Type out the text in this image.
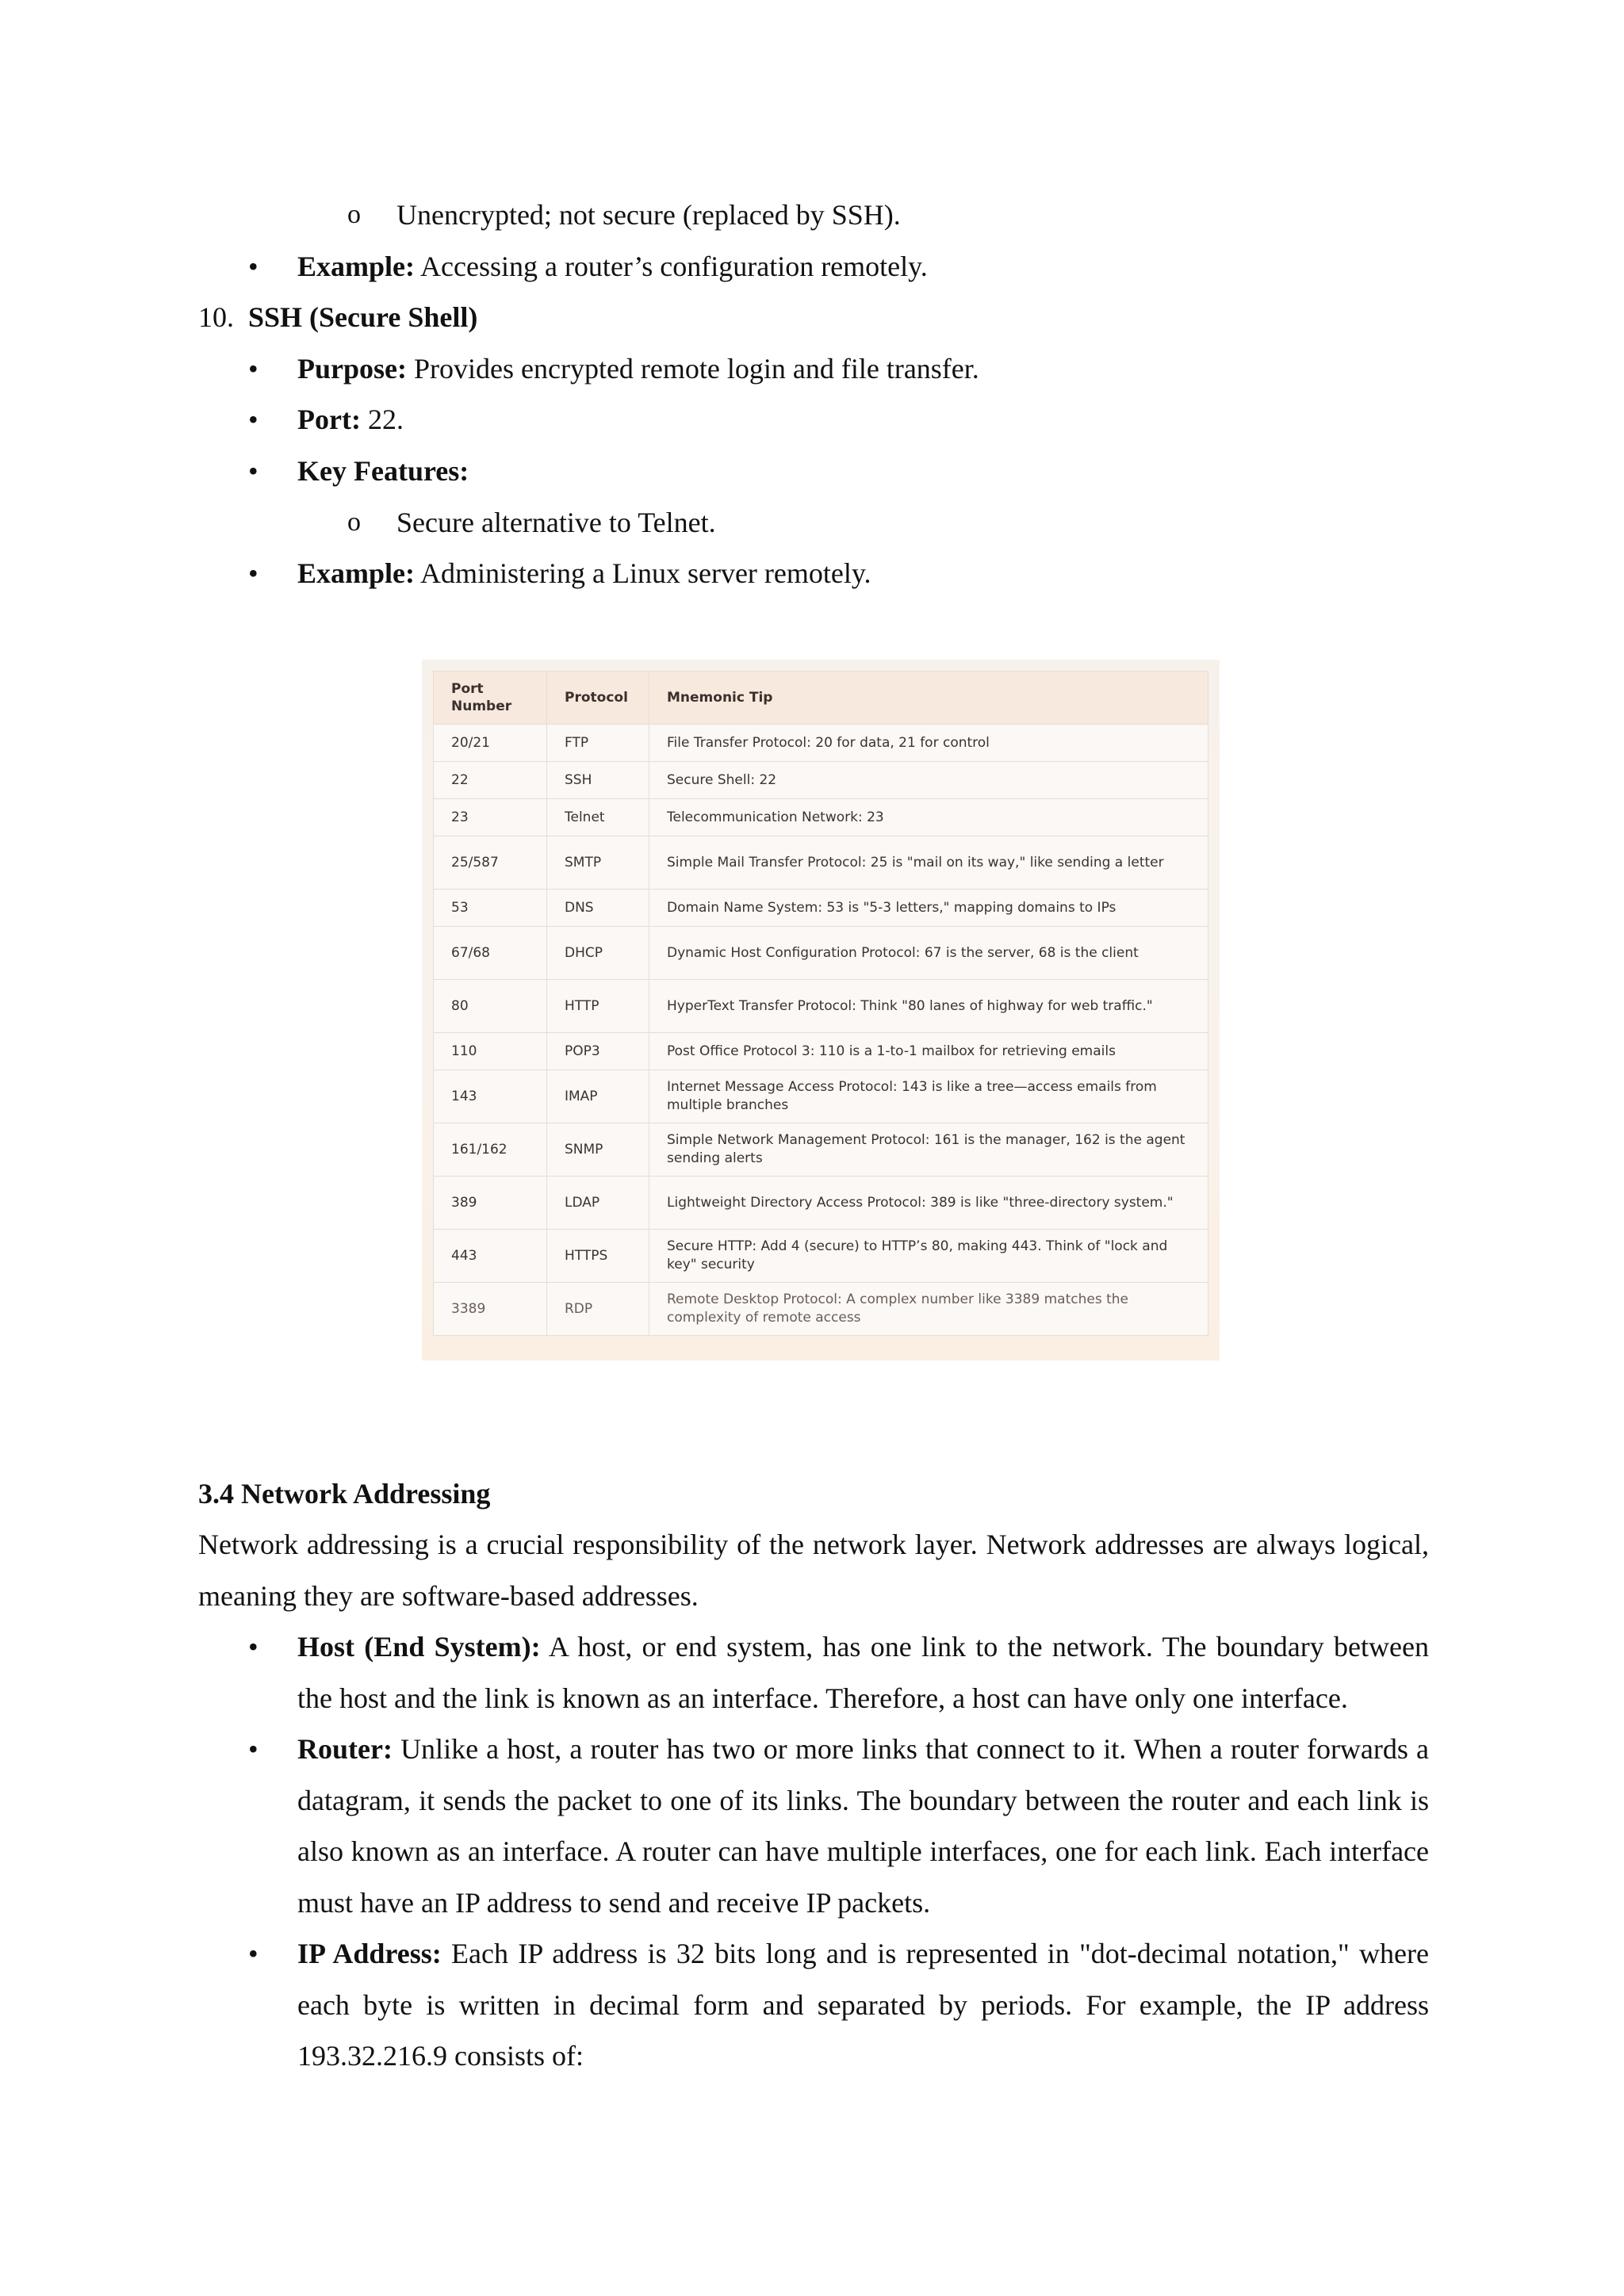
o Unencrypted; not secure (replaced by SSH).
• Example: Accessing a router’s configuration remotely.
10. SSH (Secure Shell)
• Purpose: Provides encrypted remote login and file transfer.
• Port: 22.
• Key Features:
o Secure alternative to Telnet.
• Example: Administering a Linux server remotely.
Port
Number	Protocol	Mnemonic Tip
20/21	FTP	File Transfer Protocol: 20 for data, 21 for control
22	SSH	Secure Shell: 22
23	Telnet	Telecommunication Network: 23
25/587	SMTP	Simple Mail Transfer Protocol: 25 is "mail on its way," like sending a letter
53	DNS	Domain Name System: 53 is "5-3 letters," mapping domains to IPs
67/68	DHCP	Dynamic Host Configuration Protocol: 67 is the server, 68 is the client
80	HTTP	HyperText Transfer Protocol: Think "80 lanes of highway for web traffic."
110	POP3	Post Office Protocol 3: 110 is a 1-to-1 mailbox for retrieving emails
143	IMAP	Internet Message Access Protocol: 143 is like a tree—access emails from multiple branches
161/162	SNMP	Simple Network Management Protocol: 161 is the manager, 162 is the agent sending alerts
389	LDAP	Lightweight Directory Access Protocol: 389 is like "three-directory system."
443	HTTPS	Secure HTTP: Add 4 (secure) to HTTP’s 80, making 443. Think of "lock and key" security
3389	RDP	Remote Desktop Protocol: A complex number like 3389 matches the complexity of remote access
3.4 Network Addressing
Network addressing is a crucial responsibility of the network layer. Network addresses are always logical, meaning they are software-based addresses.
• Host (End System): A host, or end system, has one link to the network. The boundary between the host and the link is known as an interface. Therefore, a host can have only one interface.
• Router: Unlike a host, a router has two or more links that connect to it. When a router forwards a datagram, it sends the packet to one of its links. The boundary between the router and each link is also known as an interface. A router can have multiple interfaces, one for each link. Each interface must have an IP address to send and receive IP packets.
• IP Address: Each IP address is 32 bits long and is represented in "dot-decimal notation," where each byte is written in decimal form and separated by periods. For example, the IP address 193.32.216.9 consists of:
